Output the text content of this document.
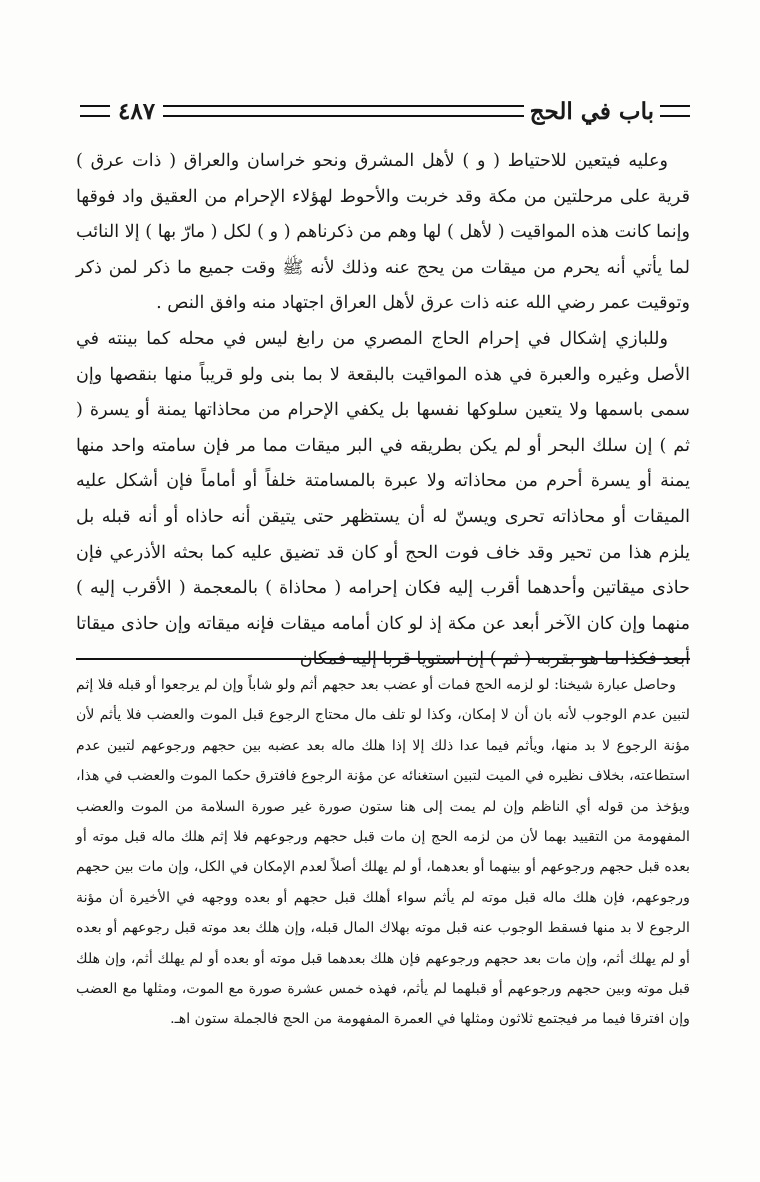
باب في الحج
٤٨٧

وعليه فيتعين للاحتياط ( و ) لأهل المشرق ونحو خراسان والعراق ( ذات عرق ) قرية على مرحلتين من مكة وقد خربت والأحوط لهؤلاء الإحرام من العقيق واد فوقها وإنما كانت هذه المواقيت ( لأهل ) لها وهم من ذكرناهم ( و ) لكل ( مارّ بها ) إلا النائب لما يأتي أنه يحرم من ميقات من يحج عنه وذلك لأنه ﷺ وقت جميع ما ذكر لمن ذكر وتوقيت عمر رضي الله عنه ذات عرق لأهل العراق اجتهاد منه وافق النص .

وللبازي إشكال في إحرام الحاج المصري من رابغ ليس في محله كما بينته في الأصل وغيره والعبرة في هذه المواقيت بالبقعة لا بما بنى ولو قريباً منها بنقصها وإن سمى باسمها ولا يتعين سلوكها نفسها بل يكفي الإحرام من محاذاتها يمنة أو يسرة ( ثم ) إن سلك البحر أو لم يكن بطريقه في البر ميقات مما مر فإن سامته واحد منها يمنة أو يسرة أحرم من محاذاته ولا عبرة بالمسامتة خلفاً أو أماماً فإن أشكل عليه الميقات أو محاذاته تحرى ويسنّ له أن يستظهر حتى يتيقن أنه حاذاه أو أنه قبله بل يلزم هذا من تحير وقد خاف فوت الحج أو كان قد تضيق عليه كما بحثه الأذرعي فإن حاذى ميقاتين وأحدهما أقرب إليه فكان إحرامه ( محاذاة ) بالمعجمة ( الأقرب إليه ) منهما وإن كان الآخر أبعد عن مكة إذ لو كان أمامه ميقات فإنه ميقاته وإن حاذى ميقاتا أبعد فكذا ما هو بقربه ( ثم ) إن استويا قربا إليه فمكان

وحاصل عبارة شيخنا: لو لزمه الحج فمات أو عضب بعد حجهم أثم ولو شاباً وإن لم يرجعوا أو قبله فلا إثم لتبين عدم الوجوب لأنه بان أن لا إمكان، وكذا لو تلف مال محتاج الرجوع قبل الموت والعضب فلا يأثم لأن مؤنة الرجوع لا بد منها، ويأثم فيما عدا ذلك إلا إذا هلك ماله بعد عضبه بين حجهم ورجوعهم لتبين عدم استطاعته، بخلاف نظيره في الميت لتبين استغنائه عن مؤنة الرجوع فافترق حكما الموت والعضب في هذا، ويؤخذ من قوله أي الناظم وإن لم يمت إلى هنا ستون صورة غير صورة السلامة من الموت والعضب المفهومة من التقييد بهما لأن من لزمه الحج إن مات قبل حجهم ورجوعهم فلا إثم هلك ماله قبل موته أو بعده قبل حجهم ورجوعهم أو بينهما أو بعدهما، أو لم يهلك أصلاً لعدم الإمكان في الكل، وإن مات بين حجهم ورجوعهم، فإن هلك ماله قبل موته لم يأثم سواء أهلك قبل حجهم أو بعده ووجهه في الأخيرة أن مؤنة الرجوع لا بد منها فسقط الوجوب عنه قبل موته بهلاك المال قبله، وإن هلك بعد موته قبل رجوعهم أو بعده أو لم يهلك أثم، وإن مات بعد حجهم ورجوعهم فإن هلك بعدهما قبل موته أو بعده أو لم يهلك أثم، وإن هلك قبل موته وبين حجهم ورجوعهم أو قبلهما لم يأثم، فهذه خمس عشرة صورة مع الموت، ومثلها مع العضب وإن افترقا فيما مر فيجتمع ثلاثون ومثلها في العمرة المفهومة من الحج فالجملة ستون اهـ.
